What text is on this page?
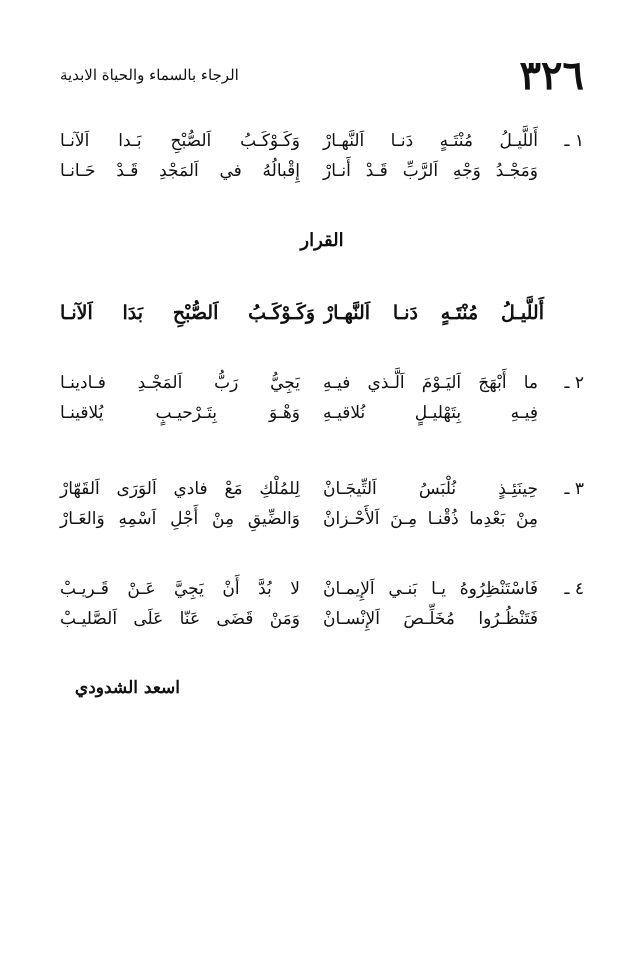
٣٢٦
الرجاء بالسماء والحياة الابدية
١ ـ
أَللَّيـلُ مُنْتَـهٍ دَنـا اَلنَّهـارْ
وَكَـوْكَـبُ اَلصُّبْحِ بَـدا اَلآنـا
وَمَجْـدُ وَجْهِ اَلرَّبِّ قَـدْ أَنـارْ
إِقْبالُهُ في اَلمَجْدِ قَـدْ حَـانـا
القرار
أَللَّيـلُ مُنْتَـهٍ دَنـا اَلنَّهـارْ
وَكَـوْكَـبُ اَلصُّبْحِ بَدَا اَلآنـا
٢ ـ
ما أَبْهَجَ اَليَـوْمَ اَلَّـذي فيـهِ
يَجِيُّ رَبُّ اَلمَجْـدِ فـادينـا
فِيـهِ بِتَهْليـلٍ نُلاقيـهِ
وَهْـوَ بِتَـرْحيـبٍ يُلاقينـا
٣ ـ
حِينَئِـذٍ نُلْبَسُ اَلتِّيجَـانْ
لِلمُلْكِ مَعْ فادي اَلوَرَى اَلقَهّارْ
مِنْ بَعْدِما ذُقْنـا مِـنَ اَلأَحْـزانْ
وَالضِّيقِ مِنْ أَجْلِ اَسْمِهِ وَالعَـارْ
٤ ـ
فَاسْتَنْظِرُوهُ يـا بَنـي اَلإِيمـانْ
لا بُدَّ أَنْ يَجِيَّ عَـنْ قَـريـبْ
فَتَنْظُـرُوا مُخَلِّـصَ اَلإِنْسـانْ
وَمَنْ قَضَى عَنّا عَلَى اَلصَّليـبْ
اسعد الشدودي
